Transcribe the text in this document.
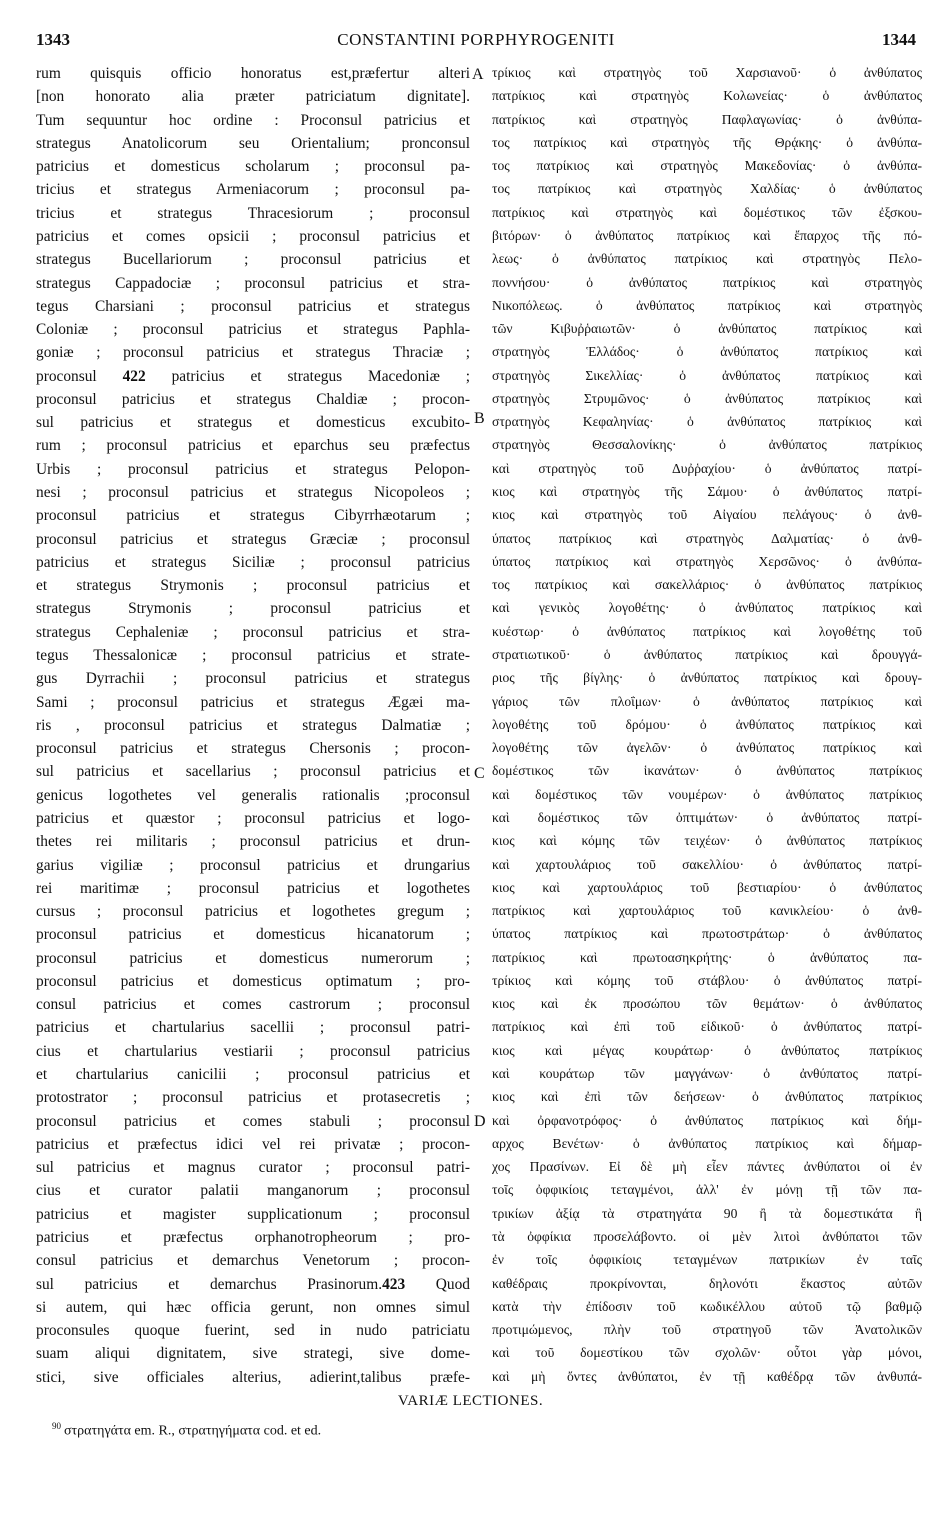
1343	CONSTANTINI PORPHYROGENITI	1344
rum quisquis officio honoratus est,præfertur alteri
[non honorato alia præter patriciatum dignitate].
Tum sequuntur hoc ordine : Proconsul patricius et
strategus Anatolicorum seu Orientalium; pronconsul
patricius et domesticus scholarum ; proconsul pa-
tricius et strategus Armeniacorum ; proconsul pa-
tricius et strategus Thracesiorum ; proconsul
patricius et comes opsicii ; proconsul patricius et
strategus Bucellariorum ; proconsul patricius et
strategus Cappadociæ ; proconsul patricius et stra-
tegus Charsiani ; proconsul patricius et strategus
Coloniæ ; proconsul patricius et strategus Paphla-
goniæ ; proconsul patricius et strategus Thraciæ ;
proconsul 422 patricius et strategus Macedoniæ ;
proconsul patricius et strategus Chaldiæ ; procon-
sul patricius et strategus et domesticus excubito-
rum ; proconsul patricius et eparchus seu præfectus
Urbis ; proconsul patricius et strategus Pelopon-
nesi ; proconsul patricius et strategus Nicopoleos ;
proconsul patricius et strategus Cibyrrhæotarum ;
proconsul patricius et strategus Græciæ ; proconsul
patricius et strategus Siciliæ ; proconsul patricius
et strategus Strymonis ; proconsul patricius et
strategus Strymonis ; proconsul patricius et
strategus Cephaleniæ ; proconsul patricius et stra-
tegus Thessalonicæ ; proconsul patricius et strate-
gus Dyrrachii ; proconsul patricius et strategus
Sami ; proconsul patricius et strategus Ægæi ma-
ris , proconsul patricius et strategus Dalmatiæ ;
proconsul patricius et strategus Chersonis ; procon-
sul patricius et sacellarius ; proconsul patricius et
genicus logothetes vel generalis rationalis ;proconsul
patricius et quæstor ; proconsul patricius et logo-
thetes rei militaris ; proconsul patricius et drun-
garius vigiliæ ; proconsul patricius et drungarius
rei maritimæ ; proconsul patricius et logothetes
cursus ; proconsul patricius et logothetes gregum ;
proconsul patricius et domesticus hicanatorum ;
proconsul patricius et domesticus numerorum ;
proconsul patricius et domesticus optimatum ; pro-
consul patricius et comes castrorum ; proconsul
patricius et chartularius sacellii ; proconsul patri-
cius et chartularius vestiarii ; proconsul patricius
et chartularius canicilii ; proconsul patricius et
protostrator ; proconsul patricius et protasecretis ;
proconsul patricius et comes stabuli ; proconsul
patricius et præfectus idici vel rei privatæ ; procon-
sul patricius et magnus curator ; proconsul patri-
cius et curator palatii manganorum ; proconsul
patricius et magister supplicationum ; proconsul
patricius et præfectus orphanotropheorum ; pro-
consul patricius et demarchus Venetorum ; procon-
sul patricius et demarchus Prasinorum.423 Quod
si autem, qui hæc officia gerunt, non omnes simul
proconsules quoque fuerint, sed in nudo patriciatu
suam aliqui dignitatem, sive strategi, sive dome-
stici, sive officiales alterius, adierint,talibus præfe-
τρίκιος καὶ στρατηγὸς τοῦ Χαρσιανοῦ· ὁ ἀνθύπατος
πατρίκιος καὶ στρατηγὸς Κολωνείας· ὁ ἀνθύπατος
πατρίκιος καὶ στρατηγὸς Παφλαγωνίας· ὁ ἀνθύπα-
τος πατρίκιος καὶ στρατηγὸς τῆς Θρᾴκης· ὁ ἀνθύπα-
τος πατρίκιος καὶ στρατηγὸς Μακεδονίας· ὁ ἀνθύπα-
τος πατρίκιος καὶ στρατηγὸς Χαλδίας· ὁ ἀνθύπατος
πατρίκιος καὶ στρατηγὸς καὶ δομέστικος τῶν ἐξσκου-
βιτόρων· ὁ ἀνθύπατος πατρίκιος καὶ ἔπαρχος τῆς πό-
λεως· ὁ ἀνθύπατος πατρίκιος καὶ στρατηγὸς Πελο-
ποννήσου· ὁ ἀνθύπατος πατρίκιος καὶ στρατηγὸς
Νικοπόλεως. ὁ ἀνθύπατος πατρίκιος καὶ στρατηγὸς
τῶν Κιβυῤῥαιωτῶν· ὁ ἀνθύπατος πατρίκιος καὶ
στρατηγὸς Ἑλλάδος· ὁ ἀνθύπατος πατρίκιος καὶ
στρατηγὸς Σικελλίας· ὁ ἀνθύπατος πατρίκιος καὶ
στρατηγὸς Στρυμῶνος· ὁ ἀνθύπατος πατρίκιος καὶ
στρατηγὸς Κεφαληνίας· ὁ ἀνθύπατος πατρίκιος καὶ
στρατηγὸς Θεσσαλονίκης· ὁ ἀνθύπατος πατρίκιος
καὶ στρατηγὸς τοῦ Δυῤῥαχίου· ὁ ἀνθύπατος πατρί-
κιος καὶ στρατηγὸς τῆς Σάμου· ὁ ἀνθύπατος πατρί-
κιος καὶ στρατηγὸς τοῦ Αἰγαίου πελάγους· ὁ ἀνθ-
ύπατος πατρίκιος καὶ στρατηγὸς Δαλματίας· ὁ ἀνθ-
ύπατος πατρίκιος καὶ στρατηγὸς Χερσῶνος· ὁ ἀνθύπα-
τος πατρίκιος καὶ σακελλάριος· ὁ ἀνθύπατος πατρίκιος
καὶ γενικὸς λογοθέτης· ὁ ἀνθύπατος πατρίκιος καὶ
κυέστωρ· ὁ ἀνθύπατος πατρίκιος καὶ λογοθέτης τοῦ
στρατιωτικοῦ· ὁ ἀνθύπατος πατρίκιος καὶ δρουγγά-
ριος τῆς βίγλης· ὁ ἀνθύπατος πατρίκιος καὶ δρουγ-
γάριος τῶν πλοΐμων· ὁ ἀνθύπατος πατρίκιος καὶ
λογοθέτης τοῦ δρόμου· ὁ ἀνθύπατος πατρίκιος καὶ
λογοθέτης τῶν ἀγελῶν· ὁ ἀνθύπατος πατρίκιος καὶ
δομέστικος τῶν ἱκανάτων· ὁ ἀνθύπατος πατρίκιος
καὶ δομέστικος τῶν νουμέρων· ὁ ἀνθύπατος πατρίκιος
καὶ δομέστικος τῶν ὀπτιμάτων· ὁ ἀνθύπατος πατρί-
κιος καὶ κόμης τῶν τειχέων· ὁ ἀνθύπατος πατρίκιος
καὶ χαρτουλάριος τοῦ σακελλίου· ὁ ἀνθύπατος πατρί-
κιος καὶ χαρτουλάριος τοῦ βεστιαρίου· ὁ ἀνθύπατος
πατρίκιος καὶ χαρτουλάριος τοῦ κανικλείου· ὁ ἀνθ-
ύπατος πατρίκιος καὶ πρωτοστράτωρ· ὁ ἀνθύπατος
πατρίκιος καὶ πρωτοασηκρήτης· ὁ ἀνθύπατος πα-
τρίκιος καὶ κόμης τοῦ στάβλου· ὁ ἀνθύπατος πατρί-
κιος καὶ ἐκ προσώπου τῶν θεμάτων· ὁ ἀνθύπατος
πατρίκιος καὶ ἐπὶ τοῦ εἰδικοῦ· ὁ ἀνθύπατος πατρί-
κιος καὶ μέγας κουράτωρ· ὁ ἀνθύπατος πατρίκιος
καὶ κουράτωρ τῶν μαγγάνων· ὁ ἀνθύπατος πατρί-
κιος καὶ ἐπὶ τῶν δεήσεων· ὁ ἀνθύπατος πατρίκιος
καὶ ὀρφανοτρόφος· ὁ ἀνθύπατος πατρίκιος καὶ δήμ-
αρχος Βενέτων· ὁ ἀνθύπατος πατρίκιος καὶ δήμαρ-
χος Πρασίνων. Εἰ δὲ μὴ εἶεν πάντες ἀνθύπατοι οἱ ἐν
τοῖς ὀφφικίοις τεταγμένοι, ἀλλ' ἐν μόνῃ τῇ τῶν πα-
τρικίων ἀξίᾳ τὰ στρατηγάτα 90 ἢ τὰ δομεστικάτα ἢ
τὰ ὀφφίκια προσελάβοντο. οἱ μὲν λιτοὶ ἀνθύπατοι τῶν
ἐν τοῖς ὀφφικίοις τεταγμένων πατρικίων ἐν ταῖς
καθέδραις προκρίνονται, δηλονότι ἕκαστος αὐτῶν
κατὰ τὴν ἐπίδοσιν τοῦ κωδικέλλου αὐτοῦ τῷ βαθμῷ
προτιμώμενος, πλὴν τοῦ στρατηγοῦ τῶν Ἀνατολικῶν
καὶ τοῦ δομεστίκου τῶν σχολῶν· οὗτοι γὰρ μόνοι,
καὶ μὴ ὄντες ἀνθύπατοι, ἐν τῇ καθέδρᾳ τῶν ἀνθυπά-
A
B
C
D
VARIÆ LECTIONES.
$^{90}$ στρατηγάτα em. R., στρατηγήματα cod. et ed.
